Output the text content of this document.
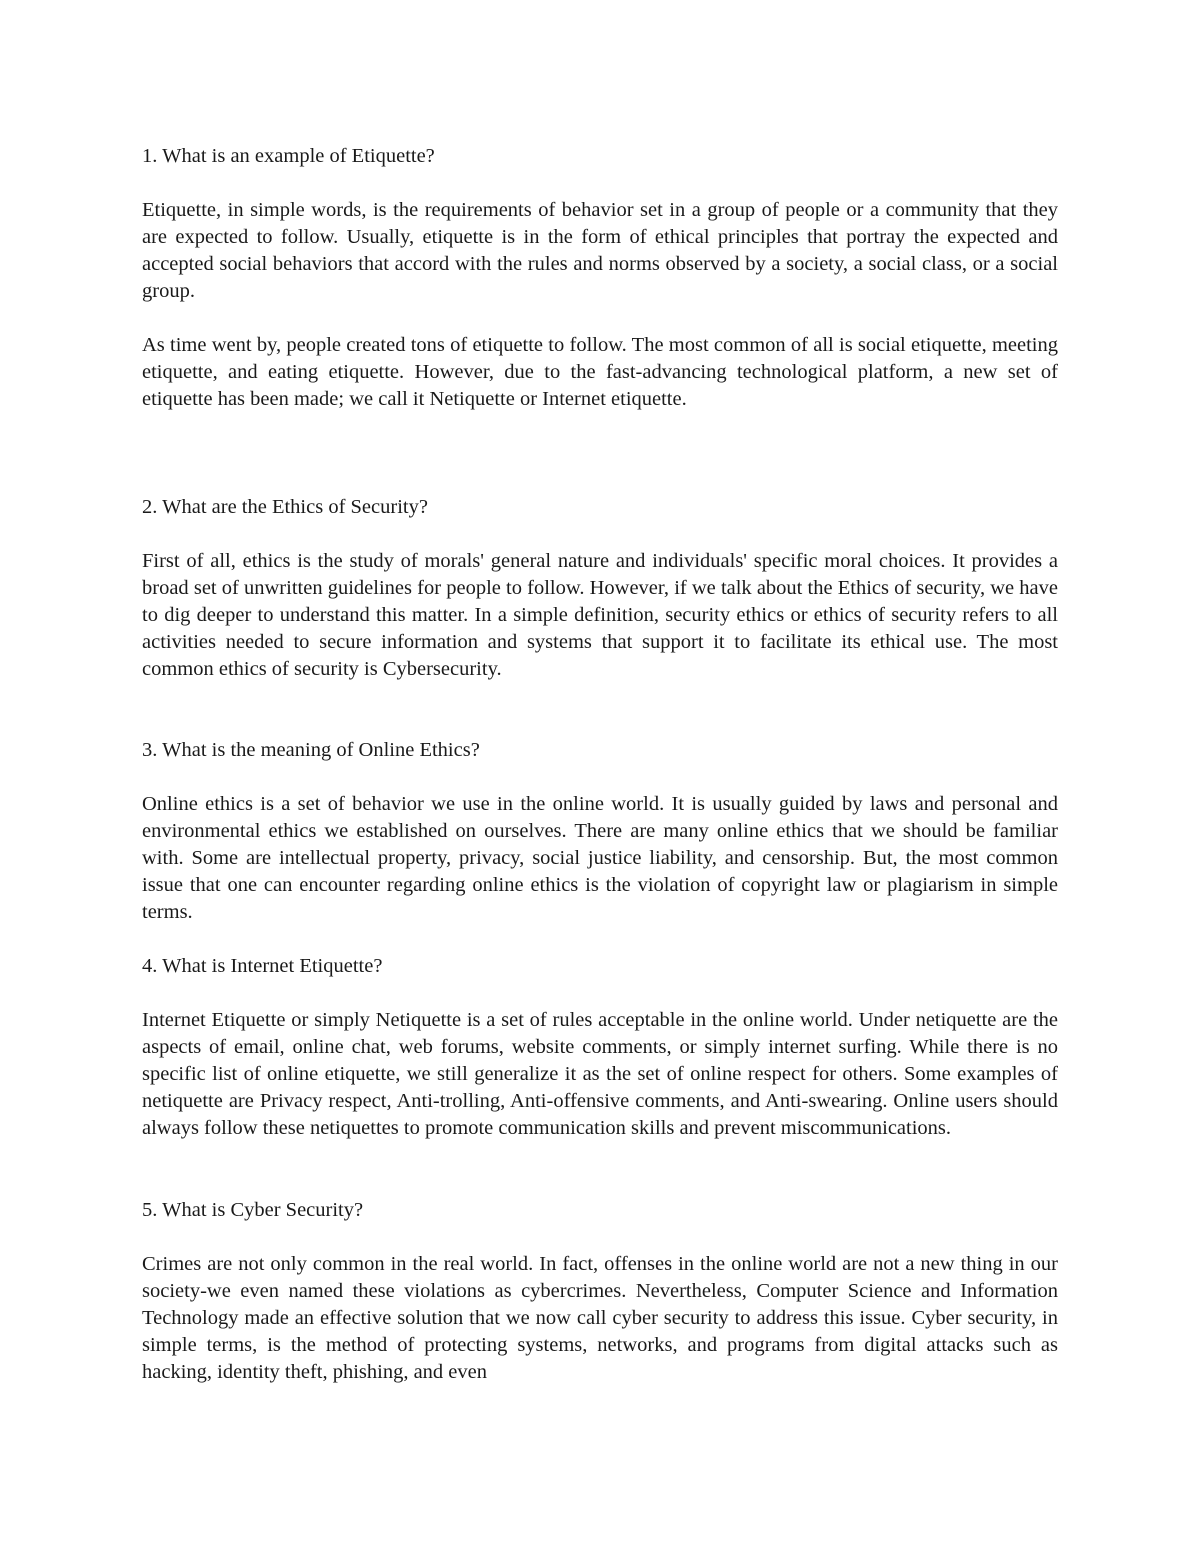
1. What is an example of Etiquette?

Etiquette, in simple words, is the requirements of behavior set in a group of people or a community that they are expected to follow. Usually, etiquette is in the form of ethical principles that portray the expected and accepted social behaviors that accord with the rules and norms observed by a society, a social class, or a social group.

As time went by, people created tons of etiquette to follow. The most common of all is social etiquette, meeting etiquette, and eating etiquette. However, due to the fast-advancing technological platform, a new set of etiquette has been made; we call it Netiquette or Internet etiquette.

2. What are the Ethics of Security?

First of all, ethics is the study of morals' general nature and individuals' specific moral choices. It provides a broad set of unwritten guidelines for people to follow. However, if we talk about the Ethics of security, we have to dig deeper to understand this matter. In a simple definition, security ethics or ethics of security refers to all activities needed to secure information and systems that support it to facilitate its ethical use. The most common ethics of security is Cybersecurity.

3. What is the meaning of Online Ethics?

Online ethics is a set of behavior we use in the online world. It is usually guided by laws and personal and environmental ethics we established on ourselves. There are many online ethics that we should be familiar with. Some are intellectual property, privacy, social justice liability, and censorship. But, the most common issue that one can encounter regarding online ethics is the violation of copyright law or plagiarism in simple terms.

4. What is Internet Etiquette?

Internet Etiquette or simply Netiquette is a set of rules acceptable in the online world. Under netiquette are the aspects of email, online chat, web forums, website comments, or simply internet surfing. While there is no specific list of online etiquette, we still generalize it as the set of online respect for others. Some examples of netiquette are Privacy respect, Anti-trolling, Anti-offensive comments, and Anti-swearing. Online users should always follow these netiquettes to promote communication skills and prevent miscommunications.

5. What is Cyber Security?

Crimes are not only common in the real world. In fact, offenses in the online world are not a new thing in our society-we even named these violations as cybercrimes. Nevertheless, Computer Science and Information Technology made an effective solution that we now call cyber security to address this issue. Cyber security, in simple terms, is the method of protecting systems, networks, and programs from digital attacks such as hacking, identity theft, phishing, and even
